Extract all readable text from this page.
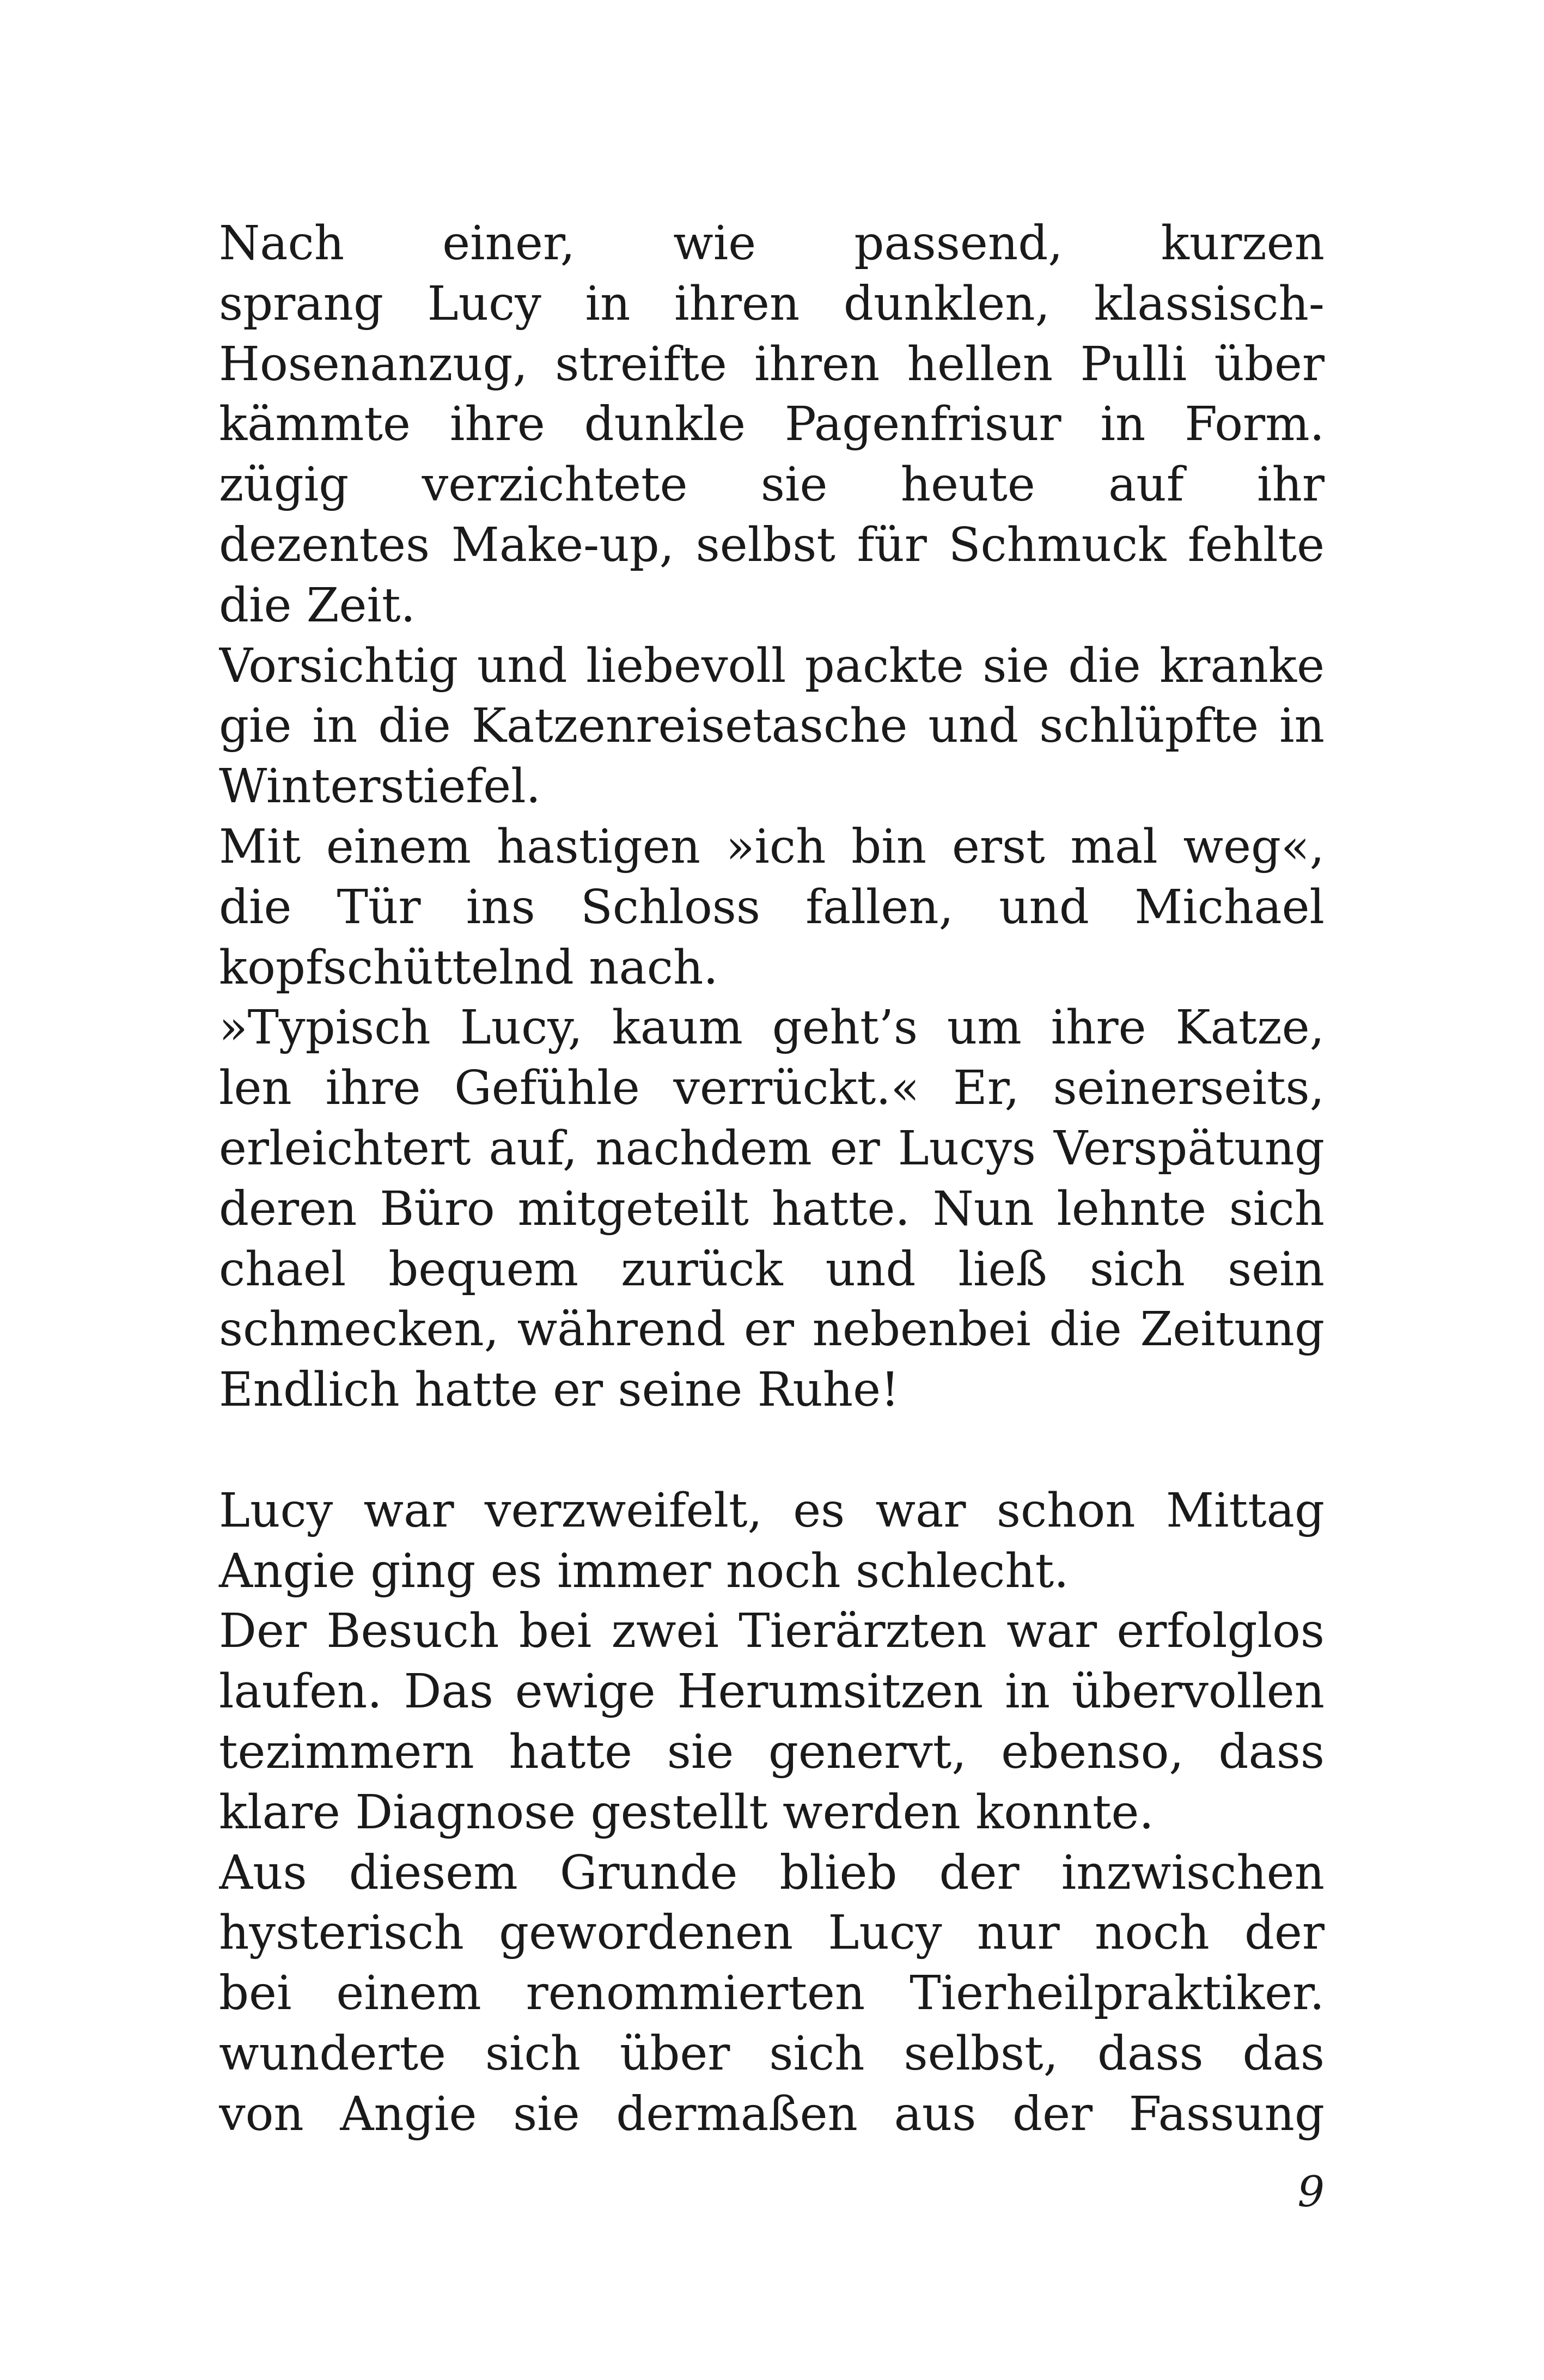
Nach einer, wie passend, kurzen
sprang Lucy in ihren dunklen, klassisch-
Hosenanzug, streifte ihren hellen Pulli über
kämmte ihre dunkle Pagenfrisur in Form.
zügig verzichtete sie heute auf ihr
dezentes Make-up, selbst für Schmuck fehlte
die Zeit.
Vorsichtig und liebevoll packte sie die kranke
gie in die Katzenreisetasche und schlüpfte in
Winterstiefel.
Mit einem hastigen »ich bin erst mal weg«,
die Tür ins Schloss fallen, und Michael
kopfschüttelnd nach.
»Typisch Lucy, kaum geht’s um ihre Katze,
len ihre Gefühle verrückt.« Er, seinerseits,
erleichtert auf, nachdem er Lucys Verspätung
deren Büro mitgeteilt hatte. Nun lehnte sich
chael bequem zurück und ließ sich sein
schmecken, während er nebenbei die Zeitung
Endlich hatte er seine Ruhe!
Lucy war verzweifelt, es war schon Mittag
Angie ging es immer noch schlecht.
Der Besuch bei zwei Tierärzten war erfolglos
laufen. Das ewige Herumsitzen in übervollen
tezimmern hatte sie genervt, ebenso, dass
klare Diagnose gestellt werden konnte.
Aus diesem Grunde blieb der inzwischen
hysterisch gewordenen Lucy nur noch der
bei einem renommierten Tierheilpraktiker.
wunderte sich über sich selbst, dass das
von Angie sie dermaßen aus der Fassung
9
